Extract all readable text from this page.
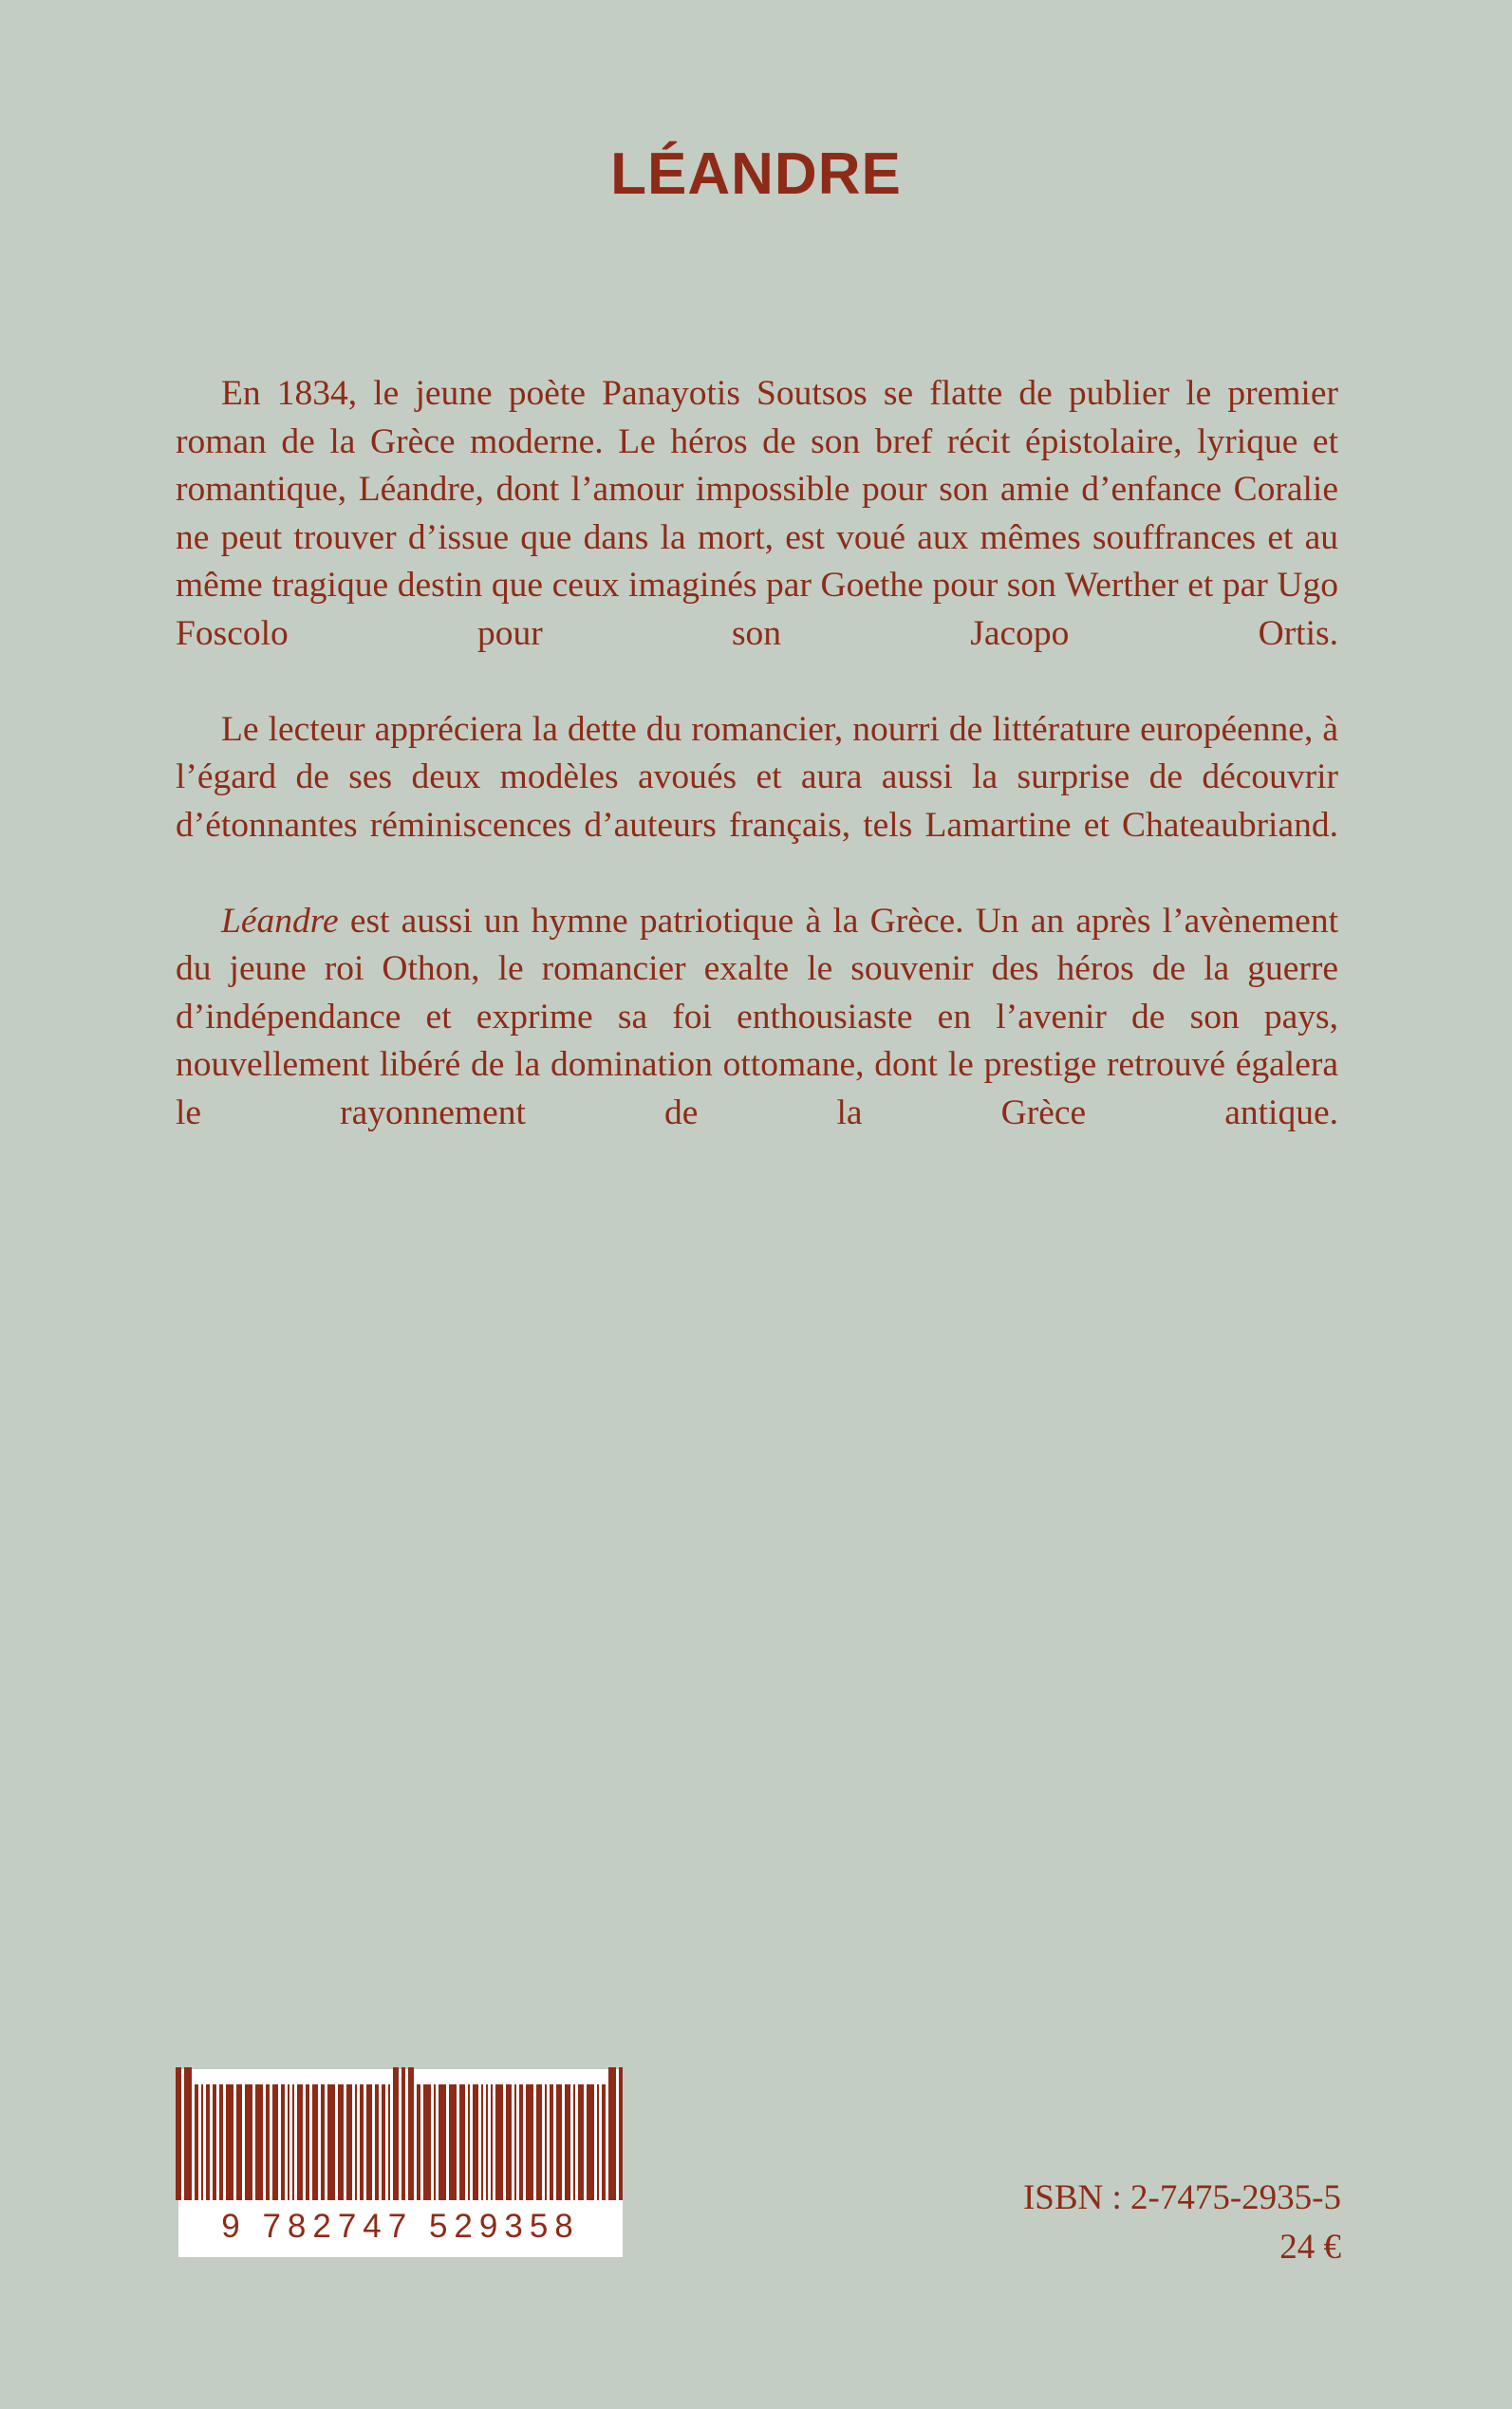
LÉANDRE

En 1834, le jeune poète Panayotis Soutsos se flatte de publier le premier roman de la Grèce moderne. Le héros de son bref récit épistolaire, lyrique et romantique, Léandre, dont l’amour impossible pour son amie d’enfance Coralie ne peut trouver d’issue que dans la mort, est voué aux mêmes souffrances et au même tragique destin que ceux imaginés par Goethe pour son Werther et par Ugo Foscolo pour son Jacopo Ortis.

Le lecteur appréciera la dette du romancier, nourri de littérature européenne, à l’égard de ses deux modèles avoués et aura aussi la surprise de découvrir d’étonnantes réminiscences d’auteurs français, tels Lamartine et Chateaubriand.

Léandre est aussi un hymne patriotique à la Grèce. Un an après l’avènement du jeune roi Othon, le romancier exalte le souvenir des héros de la guerre d’indépendance et exprime sa foi enthousiaste en l’avenir de son pays, nouvellement libéré de la domination ottomane, dont le prestige retrouvé égalera le rayonnement de la Grèce antique.

9 782747 529358
ISBN : 2-7475-2935-5
24 €
